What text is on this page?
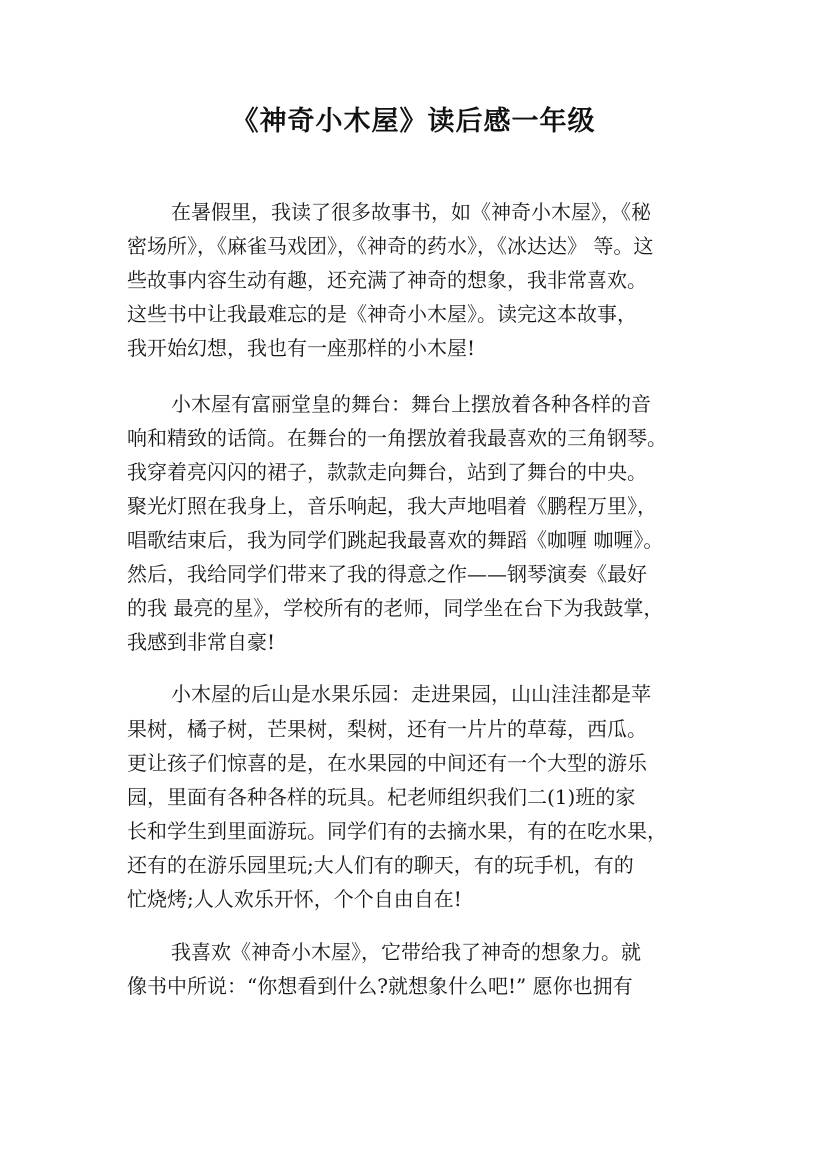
《神奇小木屋》读后感一年级
在暑假里，我读了很多故事书，如《神奇小木屋》，《秘
密场所》，《麻雀马戏团》，《神奇的药水》，《冰达达》 等。这
些故事内容生动有趣，还充满了神奇的想象，我非常喜欢。
这些书中让我最难忘的是《神奇小木屋》。读完这本故事，
我开始幻想，我也有一座那样的小木屋!
小木屋有富丽堂皇的舞台：舞台上摆放着各种各样的音
响和精致的话筒。在舞台的一角摆放着我最喜欢的三角钢琴。
我穿着亮闪闪的裙子，款款走向舞台，站到了舞台的中央。
聚光灯照在我身上，音乐响起，我大声地唱着《鹏程万里》，
唱歌结束后，我为同学们跳起我最喜欢的舞蹈《咖喱 咖喱》。
然后，我给同学们带来了我的得意之作——钢琴演奏《最好
的我 最亮的星》，学校所有的老师，同学坐在台下为我鼓掌，
我感到非常自豪!
小木屋的后山是水果乐园：走进果园，山山洼洼都是苹
果树，橘子树，芒果树，梨树，还有一片片的草莓，西瓜。
更让孩子们惊喜的是，在水果园的中间还有一个大型的游乐
园，里面有各种各样的玩具。杞老师组织我们二(1)班的家
长和学生到里面游玩。同学们有的去摘水果，有的在吃水果，
还有的在游乐园里玩;大人们有的聊天，有的玩手机，有的
忙烧烤;人人欢乐开怀，个个自由自在!
我喜欢《神奇小木屋》，它带给我了神奇的想象力。就
像书中所说：“你想看到什么?就想象什么吧!” 愿你也拥有
